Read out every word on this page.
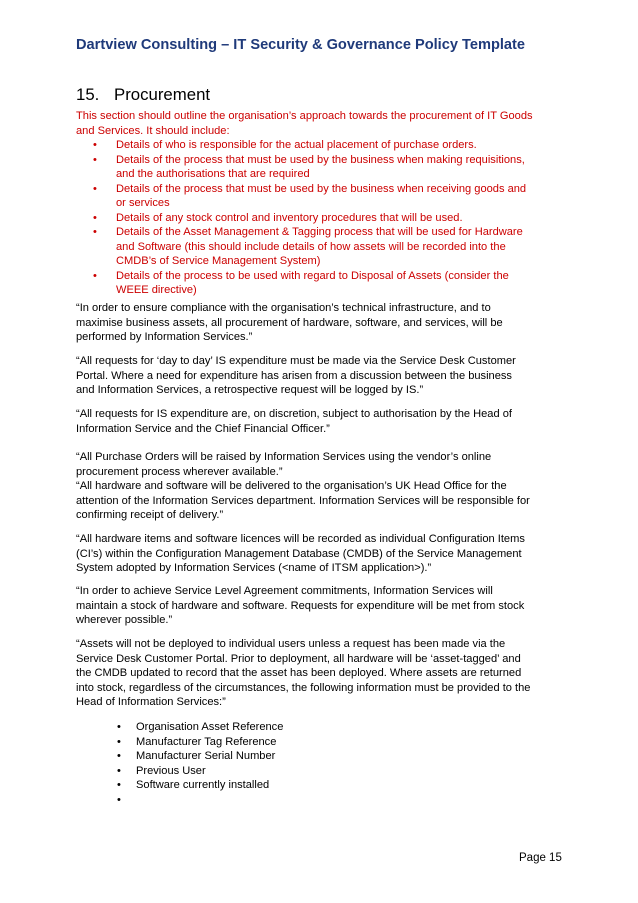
Dartview Consulting – IT Security & Governance Policy Template
15. Procurement
This section should outline the organisation’s approach towards the procurement of IT Goods
and Services. It should include:
• Details of who is responsible for the actual placement of purchase orders.
• Details of the process that must be used by the business when making requisitions,
and the authorisations that are required
• Details of the process that must be used by the business when receiving goods and
or services
• Details of any stock control and inventory procedures that will be used.
• Details of the Asset Management & Tagging process that will be used for Hardware
and Software (this should include details of how assets will be recorded into the
CMDB’s of Service Management System)
• Details of the process to be used with regard to Disposal of Assets (consider the
WEEE directive)
“In order to ensure compliance with the organisation’s technical infrastructure, and to
maximise business assets, all procurement of hardware, software, and services, will be
performed by Information Services.”
“All requests for ‘day to day’ IS expenditure must be made via the Service Desk Customer
Portal. Where a need for expenditure has arisen from a discussion between the business
and Information Services, a retrospective request will be logged by IS.”
“All requests for IS expenditure are, on discretion, subject to authorisation by the Head of
Information Service and the Chief Financial Officer.”
“All Purchase Orders will be raised by Information Services using the vendor’s online
procurement process wherever available.”
“All hardware and software will be delivered to the organisation’s UK Head Office for the
attention of the Information Services department. Information Services will be responsible for
confirming receipt of delivery.”
“All hardware items and software licences will be recorded as individual Configuration Items
(CI’s) within the Configuration Management Database (CMDB) of the Service Management
System adopted by Information Services (<name of ITSM application>).”
“In order to achieve Service Level Agreement commitments, Information Services will
maintain a stock of hardware and software. Requests for expenditure will be met from stock
wherever possible.”
“Assets will not be deployed to individual users unless a request has been made via the
Service Desk Customer Portal. Prior to deployment, all hardware will be ‘asset-tagged’ and
the CMDB updated to record that the asset has been deployed. Where assets are returned
into stock, regardless of the circumstances, the following information must be provided to the
Head of Information Services:”
• Organisation Asset Reference
• Manufacturer Tag Reference
• Manufacturer Serial Number
• Previous User
• Software currently installed
•
Page 15
